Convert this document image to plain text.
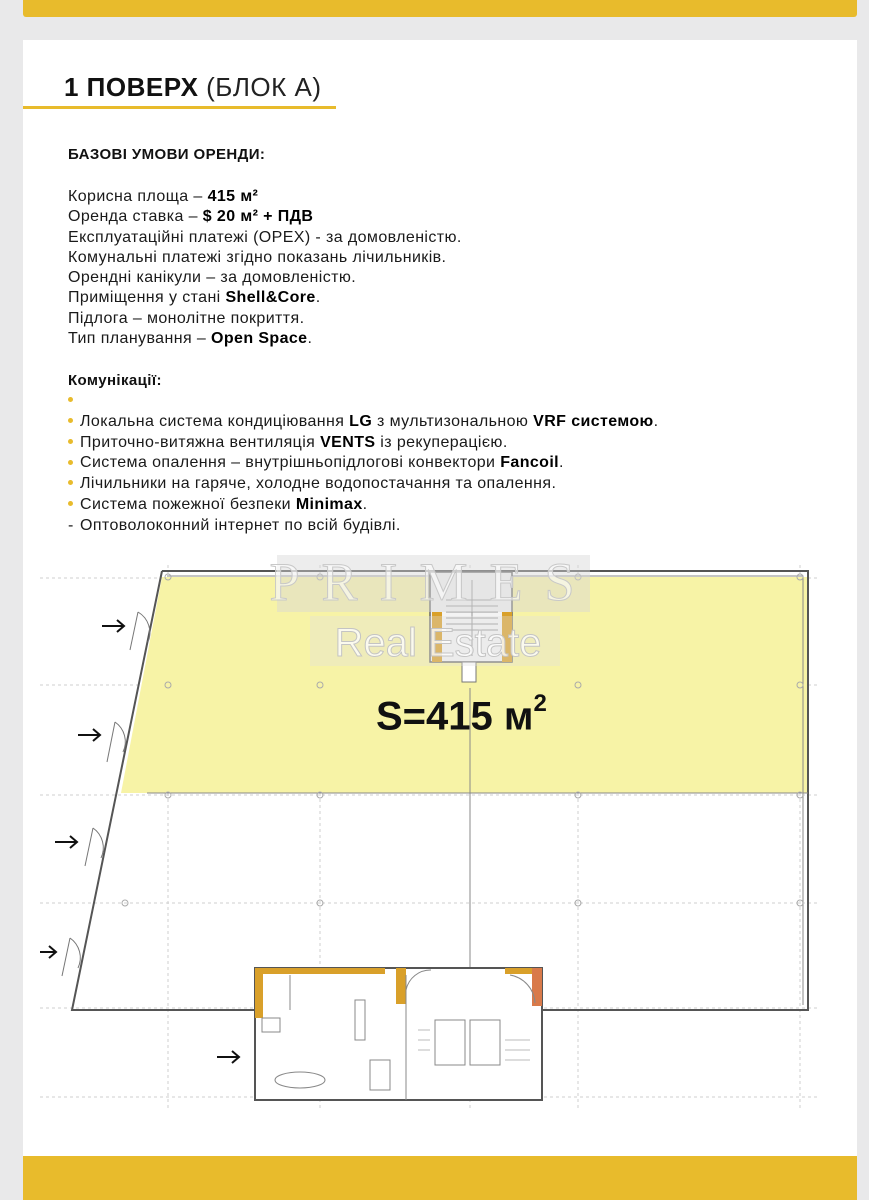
1 ПОВЕРХ (БЛОК А)
БАЗОВІ УМОВИ ОРЕНДИ:
Корисна площа – 415 м²
Оренда ставка – $ 20 м² + ПДВ
Експлуатаційні платежі (OPEX) - за домовленістю.
Комунальні платежі згідно показань лічильників.
Орендні канікули – за домовленістю.
Приміщення у стані Shell&Core.
Підлога – монолітне покриття.
Тип планування – Open Space.
Комунікації:
Локальна система кондиціювання LG з мультизональною VRF системою.
Приточно-витяжна вентиляція VENTS із рекуперацією.
Система опалення – внутрішньопідлогові конвектори Fancoil.
Лічильники на гаряче, холодне водопостачання та опалення.
Система пожежної безпеки Minimax.
- Оптоволоконний інтернет по всій будівлі.
PRIMES
Real Estate
S=415 $м^2$
